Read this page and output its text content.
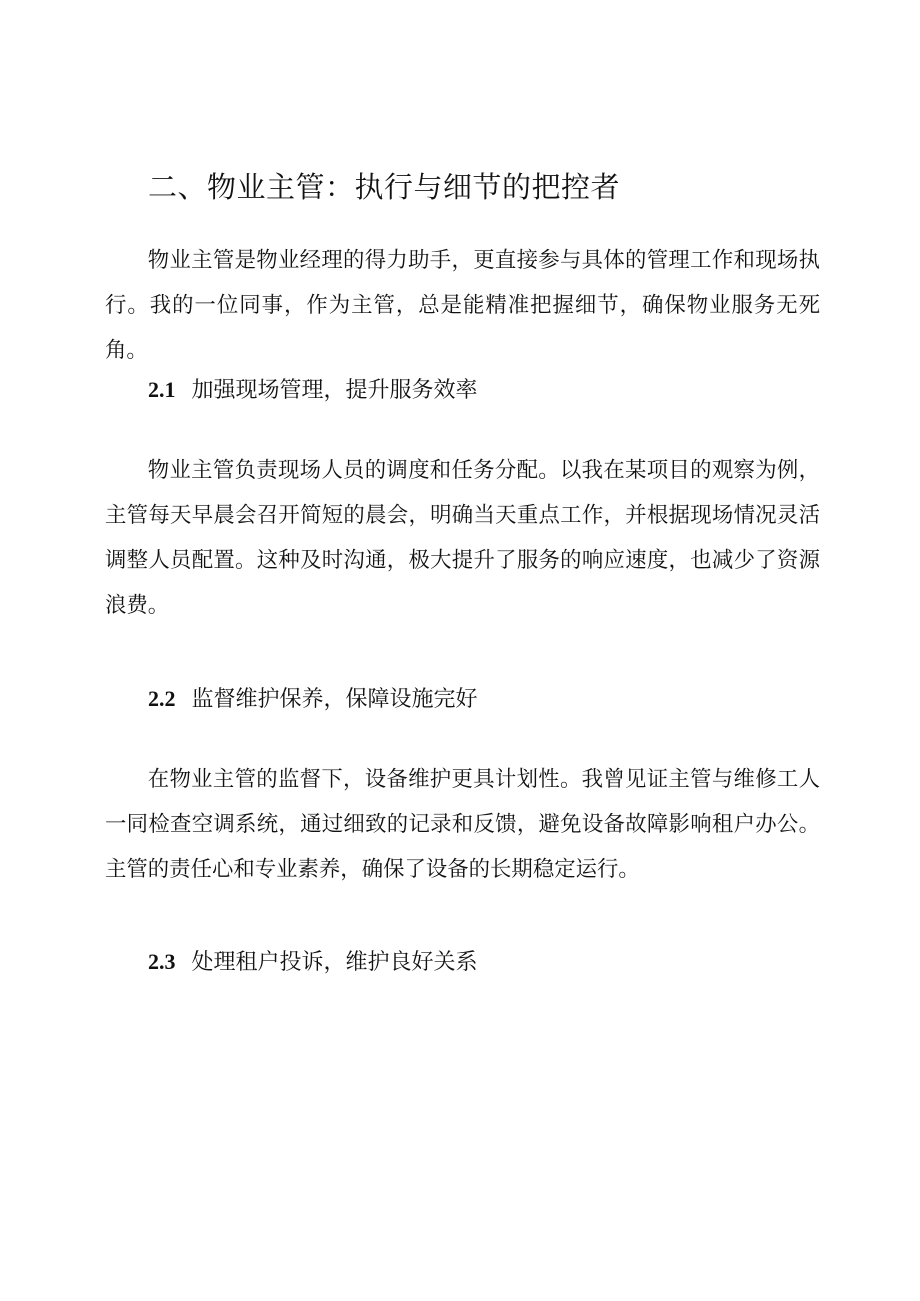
二、物业主管：执行与细节的把控者

物业主管是物业经理的得力助手，更直接参与具体的管理工作和现场执行。我的一位同事，作为主管，总是能精准把握细节，确保物业服务无死角。

2.1 加强现场管理，提升服务效率

物业主管负责现场人员的调度和任务分配。以我在某项目的观察为例，主管每天早晨会召开简短的晨会，明确当天重点工作，并根据现场情况灵活调整人员配置。这种及时沟通，极大提升了服务的响应速度，也减少了资源浪费。

2.2 监督维护保养，保障设施完好

在物业主管的监督下，设备维护更具计划性。我曾见证主管与维修工人一同检查空调系统，通过细致的记录和反馈，避免设备故障影响租户办公。主管的责任心和专业素养，确保了设备的长期稳定运行。

2.3 处理租户投诉，维护良好关系
